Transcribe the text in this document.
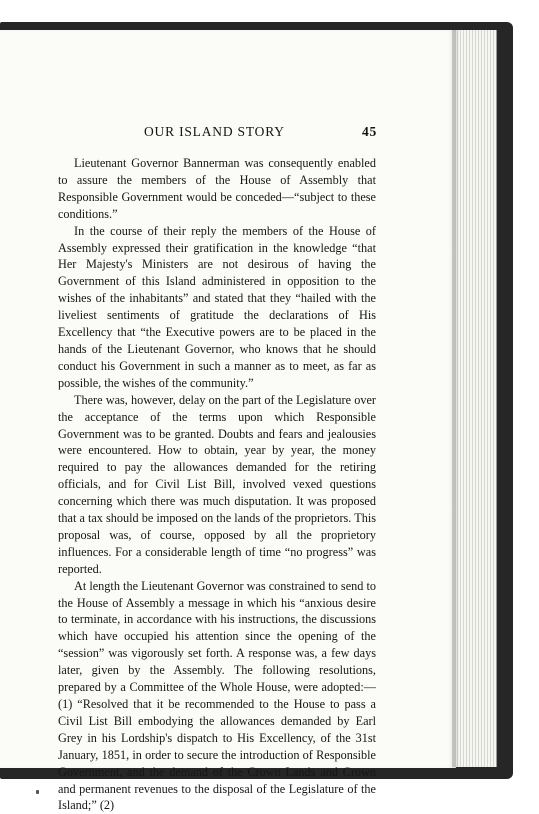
OUR ISLAND STORY	45

Lieutenant Governor Bannerman was consequently enabled to assure the members of the House of Assembly that Responsible Government would be conceded—“subject to these conditions.”

In the course of their reply the members of the House of Assembly expressed their gratification in the knowledge “that Her Majesty's Ministers are not desirous of having the Government of this Island administered in opposition to the wishes of the inhabitants” and stated that they “hailed with the liveliest sentiments of gratitude the declarations of His Excellency that “the Executive powers are to be placed in the hands of the Lieutenant Governor, who knows that he should conduct his Government in such a manner as to meet, as far as possible, the wishes of the community.”

There was, however, delay on the part of the Legislature over the acceptance of the terms upon which Responsible Government was to be granted. Doubts and fears and jealousies were encountered. How to obtain, year by year, the money required to pay the allowances demanded for the retiring officials, and for Civil List Bill, involved vexed questions concerning which there was much disputation. It was proposed that a tax should be imposed on the lands of the proprietors. This proposal was, of course, opposed by all the proprietory influences. For a considerable length of time “no progress” was reported.

At length the Lieutenant Governor was constrained to send to the House of Assembly a message in which his “anxious desire to terminate, in accordance with his instructions, the discussions which have occupied his attention since the opening of the “session” was vigorously set forth. A response was, a few days later, given by the Assembly. The following resolutions, prepared by a Committee of the Whole House, were adopted:—(1) “Resolved that it be recommended to the House to pass a Civil List Bill embodying the allowances demanded by Earl Grey in his Lordship's dispatch to His Excellency, of the 31st January, 1851, in order to secure the introduction of Responsible Government, and the demand of the Crown Lands and Crown and permanent revenues to the disposal of the Legislature of the Island;” (2)
